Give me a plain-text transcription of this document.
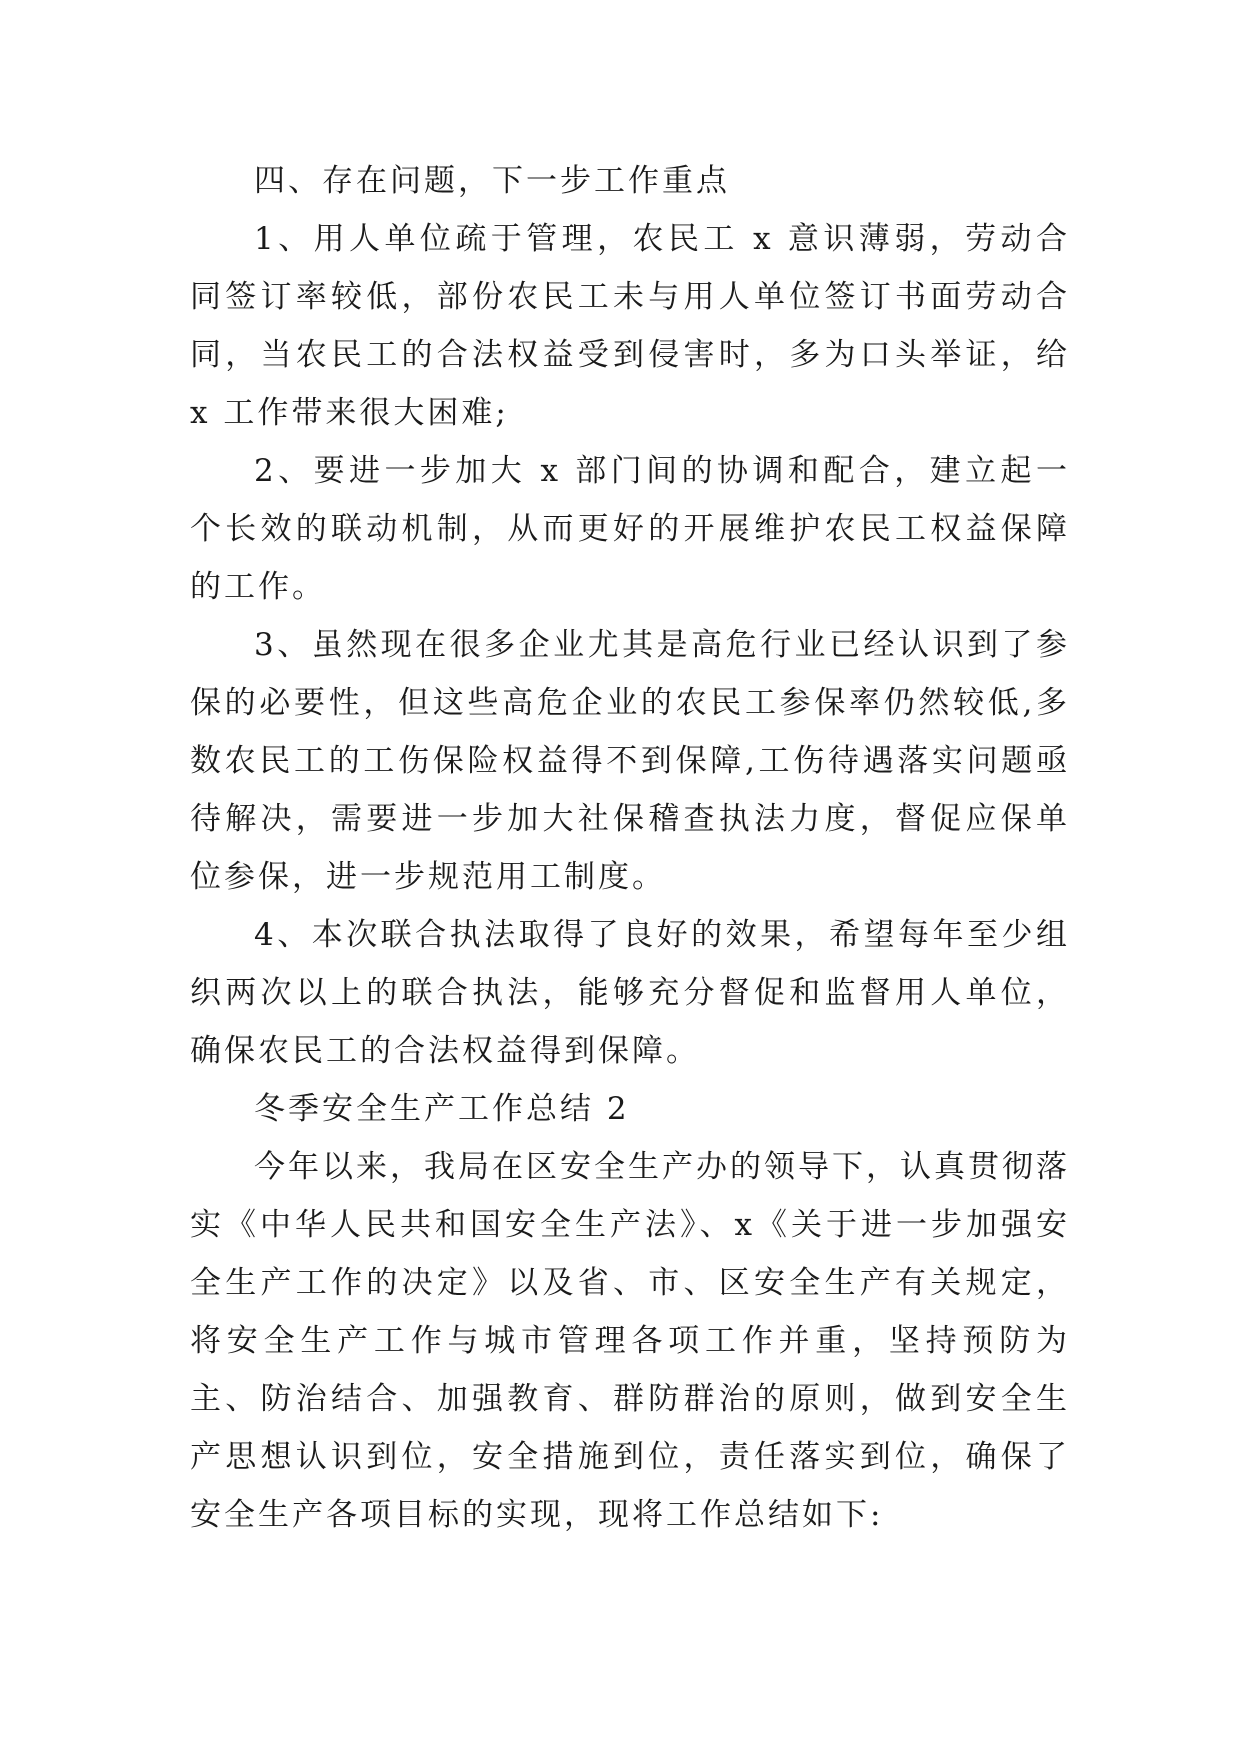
四、存在问题，下一步工作重点

1、用人单位疏于管理，农民工 x 意识薄弱，劳动合同签订率较低，部份农民工未与用人单位签订书面劳动合同，当农民工的合法权益受到侵害时，多为口头举证，给 x 工作带来很大困难;

2、要进一步加大 x 部门间的协调和配合，建立起一个长效的联动机制，从而更好的开展维护农民工权益保障的工作。

3、虽然现在很多企业尤其是高危行业已经认识到了参保的必要性，但这些高危企业的农民工参保率仍然较低,多数农民工的工伤保险权益得不到保障,工伤待遇落实问题亟待解决，需要进一步加大社保稽查执法力度，督促应保单位参保，进一步规范用工制度。

4、本次联合执法取得了良好的效果，希望每年至少组织两次以上的联合执法，能够充分督促和监督用人单位，确保农民工的合法权益得到保障。

冬季安全生产工作总结 2

今年以来，我局在区安全生产办的领导下，认真贯彻落实《中华人民共和国安全生产法》、x《关于进一步加强安全生产工作的决定》以及省、市、区安全生产有关规定，将安全生产工作与城市管理各项工作并重，坚持预防为主、防治结合、加强教育、群防群治的原则，做到安全生产思想认识到位，安全措施到位，责任落实到位，确保了安全生产各项目标的实现，现将工作总结如下:
